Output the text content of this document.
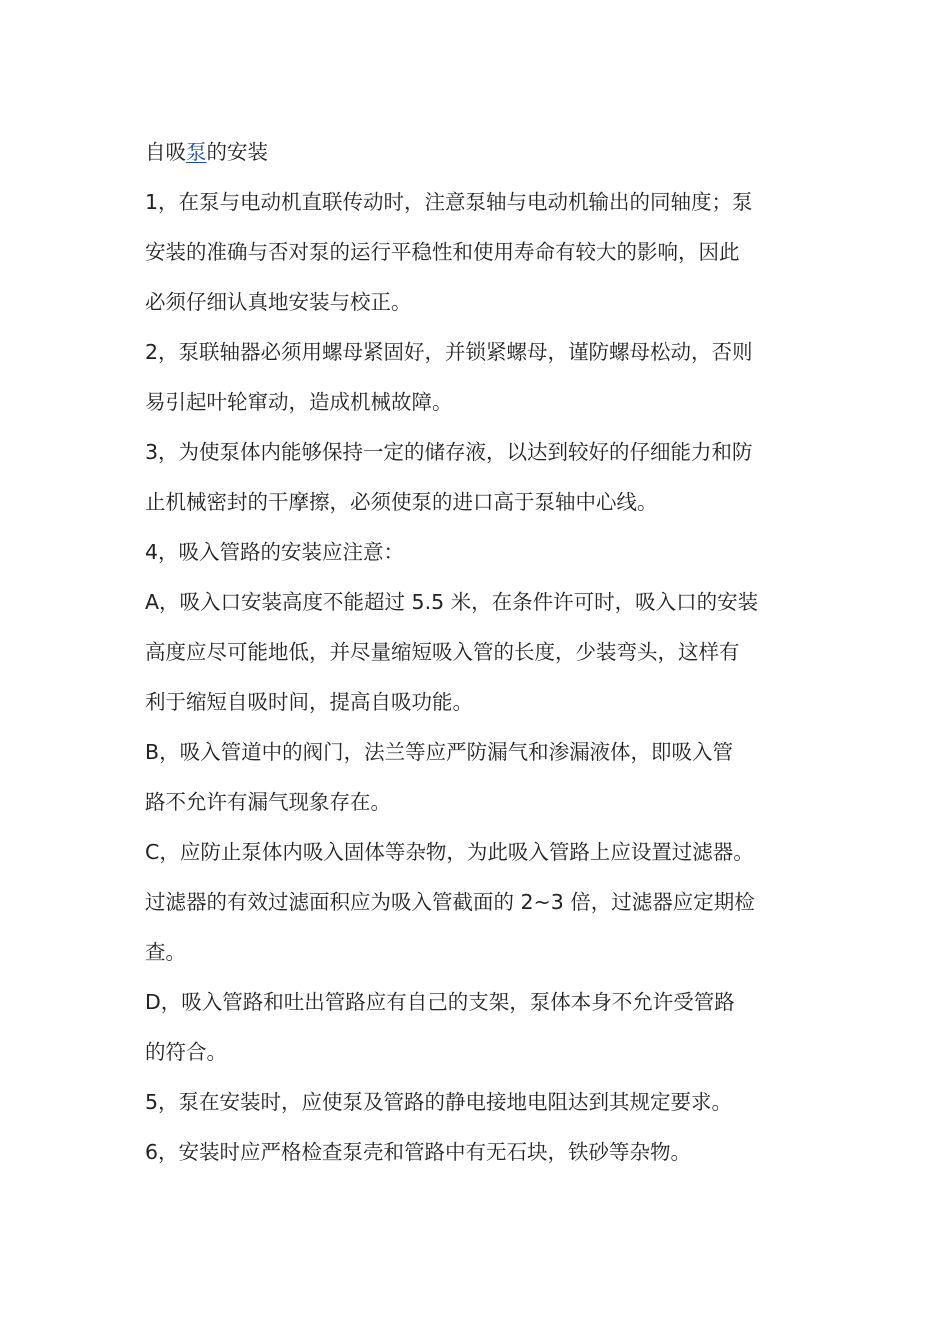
自吸泵的安装

1，在泵与电动机直联传动时，注意泵轴与电动机输出的同轴度；泵

安装的准确与否对泵的运行平稳性和使用寿命有较大的影响，因此

必须仔细认真地安装与校正。

2，泵联轴器必须用螺母紧固好，并锁紧螺母，谨防螺母松动，否则

易引起叶轮窜动，造成机械故障。

3，为使泵体内能够保持一定的储存液，以达到较好的仔细能力和防

止机械密封的干摩擦，必须使泵的进口高于泵轴中心线。

4，吸入管路的安装应注意：

A，吸入口安装高度不能超过 5.5 米，在条件许可时，吸入口的安装

高度应尽可能地低，并尽量缩短吸入管的长度，少装弯头，这样有

利于缩短自吸时间，提高自吸功能。

B，吸入管道中的阀门，法兰等应严防漏气和渗漏液体，即吸入管

路不允许有漏气现象存在。

C，应防止泵体内吸入固体等杂物，为此吸入管路上应设置过滤器。

过滤器的有效过滤面积应为吸入管截面的 2~3 倍，过滤器应定期检

查。

D，吸入管路和吐出管路应有自己的支架，泵体本身不允许受管路

的符合。

5，泵在安装时，应使泵及管路的静电接地电阻达到其规定要求。

6，安装时应严格检查泵壳和管路中有无石块，铁砂等杂物。
